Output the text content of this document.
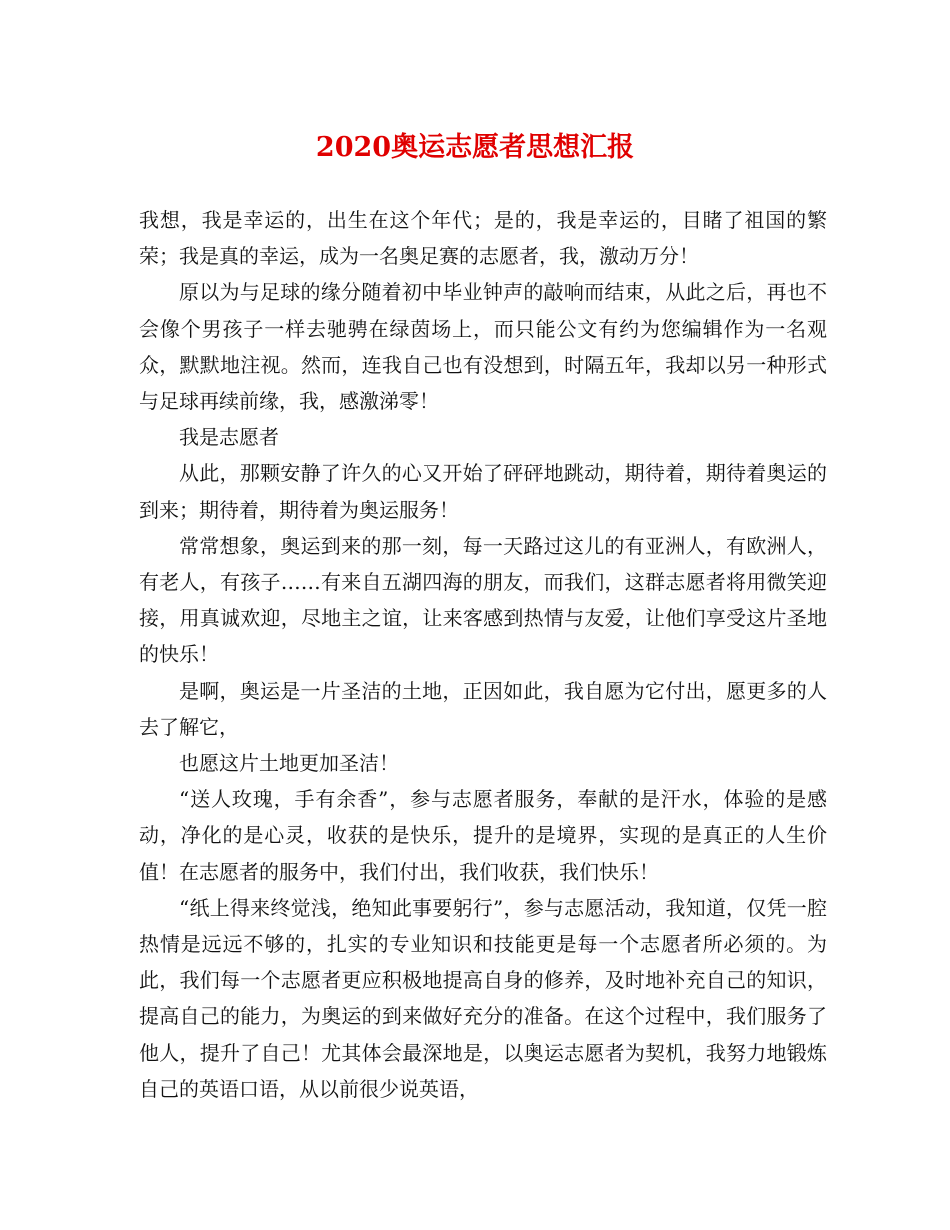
2020奥运志愿者思想汇报

我想，我是幸运的，出生在这个年代；是的，我是幸运的，目睹了祖国的繁荣；我是真的幸运，成为一名奥足赛的志愿者，我，激动万分！

原以为与足球的缘分随着初中毕业钟声的敲响而结束，从此之后，再也不会像个男孩子一样去驰骋在绿茵场上，而只能公文有约为您编辑作为一名观众，默默地注视。然而，连我自己也有没想到，时隔五年，我却以另一种形式与足球再续前缘，我，感激涕零！

我是志愿者

从此，那颗安静了许久的心又开始了砰砰地跳动，期待着，期待着奥运的到来；期待着，期待着为奥运服务！

常常想象，奥运到来的那一刻，每一天路过这儿的有亚洲人，有欧洲人，有老人，有孩子……有来自五湖四海的朋友，而我们，这群志愿者将用微笑迎接，用真诚欢迎，尽地主之谊，让来客感到热情与友爱，让他们享受这片圣地的快乐！

是啊，奥运是一片圣洁的土地，正因如此，我自愿为它付出，愿更多的人去了解它，

也愿这片土地更加圣洁！

“送人玫瑰，手有余香”，参与志愿者服务，奉献的是汗水，体验的是感动，净化的是心灵，收获的是快乐，提升的是境界，实现的是真正的人生价值！在志愿者的服务中，我们付出，我们收获，我们快乐！

“纸上得来终觉浅，绝知此事要躬行”，参与志愿活动，我知道，仅凭一腔热情是远远不够的，扎实的专业知识和技能更是每一个志愿者所必须的。为此，我们每一个志愿者更应积极地提高自身的修养，及时地补充自己的知识，提高自己的能力，为奥运的到来做好充分的准备。在这个过程中，我们服务了他人，提升了自己！尤其体会最深地是，以奥运志愿者为契机，我努力地锻炼自己的英语口语，从以前很少说英语，
